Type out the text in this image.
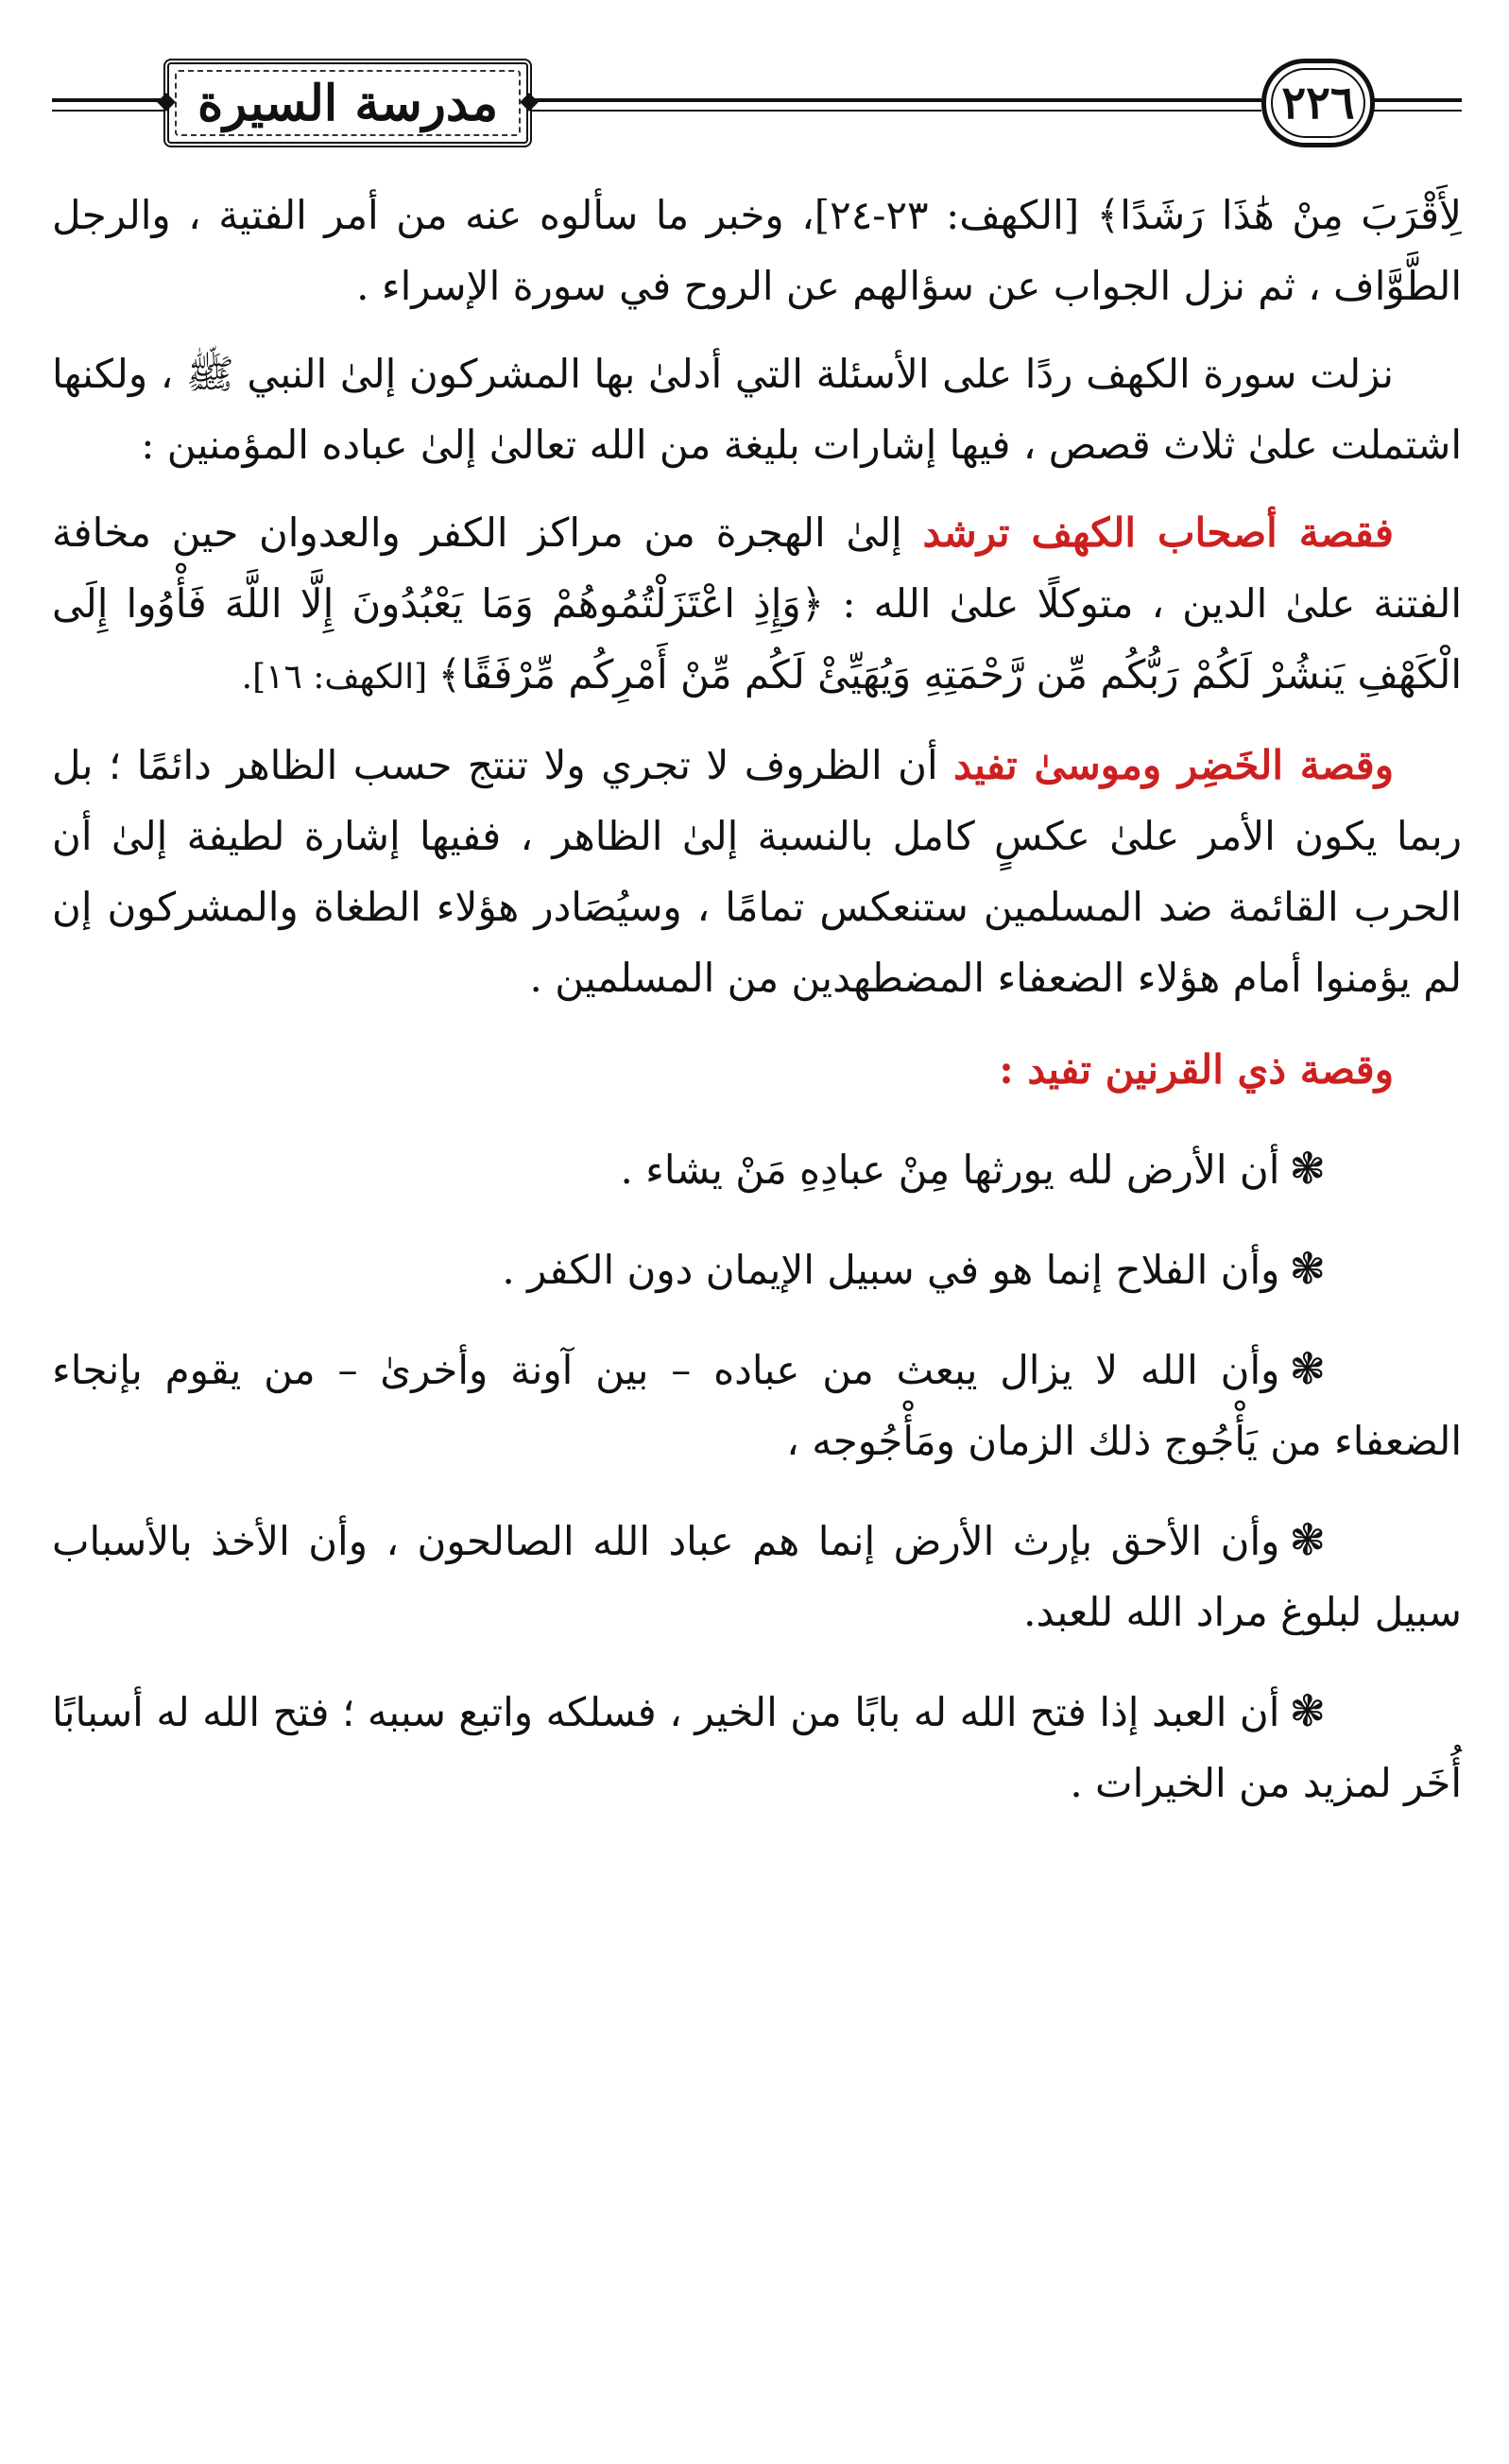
مدرسة السيرة	٢٢٦

لِأَقْرَبَ مِنْ هَٰذَا رَشَدًا﴾ [الكهف: ٢٣-٢٤]، وخبر ما سألوه عنه من أمر الفتية ، والرجل الطَّوَّاف ، ثم نزل الجواب عن سؤالهم عن الروح في سورة الإسراء .

نزلت سورة الكهف ردًا على الأسئلة التي أدلىٰ بها المشركون إلىٰ النبي ﷺ ، ولكنها اشتملت علىٰ ثلاث قصص ، فيها إشارات بليغة من الله تعالىٰ إلىٰ عباده المؤمنين :

فقصة أصحاب الكهف ترشد إلىٰ الهجرة من مراكز الكفر والعدوان حين مخافة الفتنة علىٰ الدين ، متوكلًا علىٰ الله : ﴿وَإِذِ اعْتَزَلْتُمُوهُمْ وَمَا يَعْبُدُونَ إِلَّا اللَّهَ فَأْوُوا إِلَى الْكَهْفِ يَنشُرْ لَكُمْ رَبُّكُم مِّن رَّحْمَتِهِ وَيُهَيِّئْ لَكُم مِّنْ أَمْرِكُم مِّرْفَقًا﴾ [الكهف: ١٦].

وقصة الخَضِر وموسىٰ تفيد أن الظروف لا تجري ولا تنتج حسب الظاهر دائمًا ؛ بل ربما يكون الأمر علىٰ عكسٍ كامل بالنسبة إلىٰ الظاهر ، ففيها إشارة لطيفة إلىٰ أن الحرب القائمة ضد المسلمين ستنعكس تمامًا ، وسيُصَادر هؤلاء الطغاة والمشركون إن لم يؤمنوا أمام هؤلاء الضعفاء المضطهدين من المسلمين .

وقصة ذي القرنين تفيد :

❃أن الأرض لله يورثها مِنْ عبادِهِ مَنْ يشاء .

❃وأن الفلاح إنما هو في سبيل الإيمان دون الكفر .

❃وأن الله لا يزال يبعث من عباده – بين آونة وأخرىٰ – من يقوم بإنجاء الضعفاء من يَأْجُوج ذلك الزمان ومَأْجُوجه ،

❃وأن الأحق بإرث الأرض إنما هم عباد الله الصالحون ، وأن الأخذ بالأسباب سبيل لبلوغ مراد الله للعبد.

❃أن العبد إذا فتح الله له بابًا من الخير ، فسلكه واتبع سببه ؛ فتح الله له أسبابًا أُخَر لمزيد من الخيرات .
